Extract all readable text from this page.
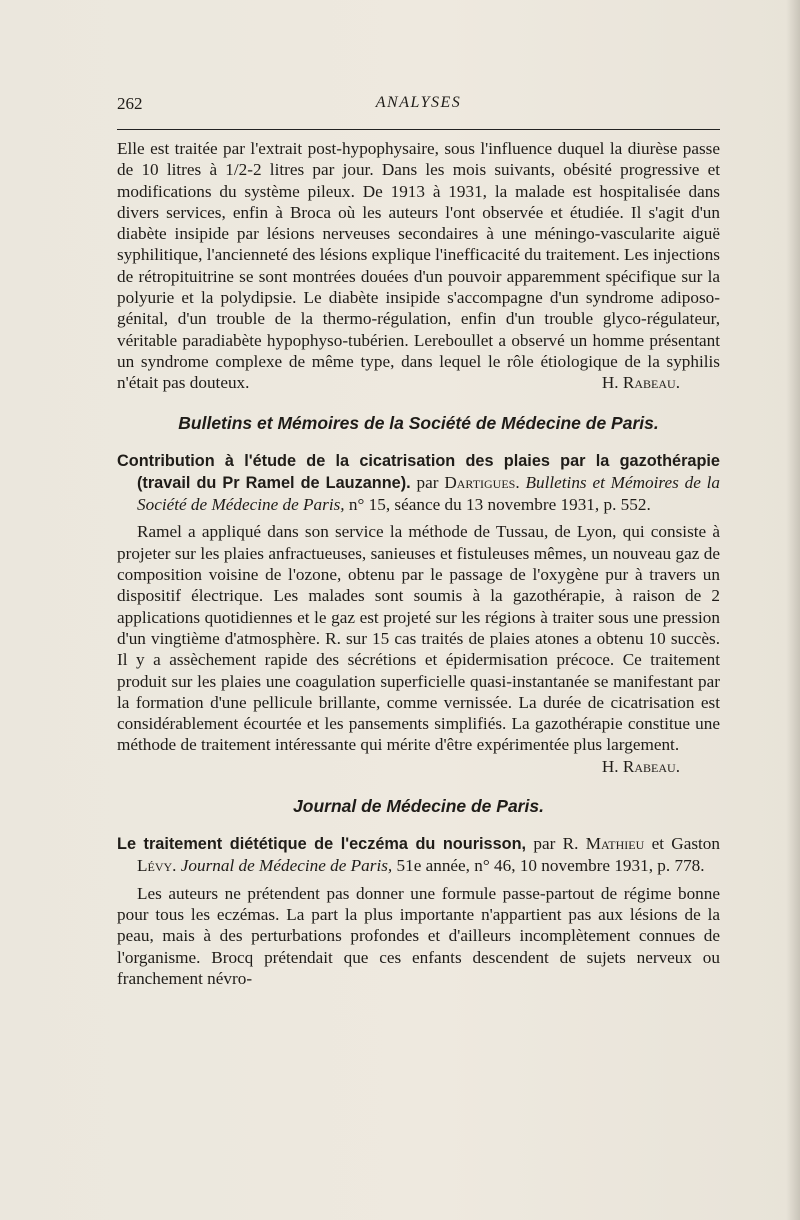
262	ANALYSES

Elle est traitée par l'extrait post-hypophysaire, sous l'influence duquel la diurèse passe de 10 litres à 1/2-2 litres par jour. Dans les mois suivants, obésité progressive et modifications du système pileux. De 1913 à 1931, la malade est hospitalisée dans divers services, enfin à Broca où les auteurs l'ont observée et étudiée. Il s'agit d'un diabète insipide par lésions nerveuses secondaires à une méningo-vascularite aiguë syphilitique, l'ancienneté des lésions explique l'inefficacité du traitement. Les injections de rétropituitrine se sont montrées douées d'un pouvoir apparemment spécifique sur la polyurie et la polydipsie. Le diabète insipide s'accompagne d'un syndrome adiposo-génital, d'un trouble de la thermo-régulation, enfin d'un trouble glyco-régulateur, véritable paradiabète hypophyso-tubérien. Lereboullet a observé un homme présentant un syndrome complexe de même type, dans lequel le rôle étiologique de la syphilis n'était pas douteux.	H. Rabeau.

Bulletins et Mémoires de la Société de Médecine de Paris.

Contribution à l'étude de la cicatrisation des plaies par la gazothérapie (travail du Pr Ramel de Lauzanne). par Dartigues. Bulletins et Mémoires de la Société de Médecine de Paris, n° 15, séance du 13 novembre 1931, p. 552.

Ramel a appliqué dans son service la méthode de Tussau, de Lyon, qui consiste à projeter sur les plaies anfractueuses, sanieuses et fistuleuses mêmes, un nouveau gaz de composition voisine de l'ozone, obtenu par le passage de l'oxygène pur à travers un dispositif électrique. Les malades sont soumis à la gazothérapie, à raison de 2 applications quotidiennes et le gaz est projeté sur les régions à traiter sous une pression d'un vingtième d'atmosphère. R. sur 15 cas traités de plaies atones a obtenu 10 succès. Il y a assèchement rapide des sécrétions et épidermisation précoce. Ce traitement produit sur les plaies une coagulation superficielle quasi-instantanée se manifestant par la formation d'une pellicule brillante, comme vernissée. La durée de cicatrisation est considérablement écourtée et les pansements simplifiés. La gazothérapie constitue une méthode de traitement intéressante qui mérite d'être expérimentée plus largement.
H. Rabeau.

Journal de Médecine de Paris.

Le traitement diététique de l'eczéma du nourisson, par R. Mathieu et Gaston Lévy. Journal de Médecine de Paris, 51e année, n° 46, 10 novembre 1931, p. 778.

Les auteurs ne prétendent pas donner une formule passe-partout de régime bonne pour tous les eczémas. La part la plus importante n'appartient pas aux lésions de la peau, mais à des perturbations profondes et d'ailleurs incomplètement connues de l'organisme. Brocq prétendait que ces enfants descendent de sujets nerveux ou franchement névro-
